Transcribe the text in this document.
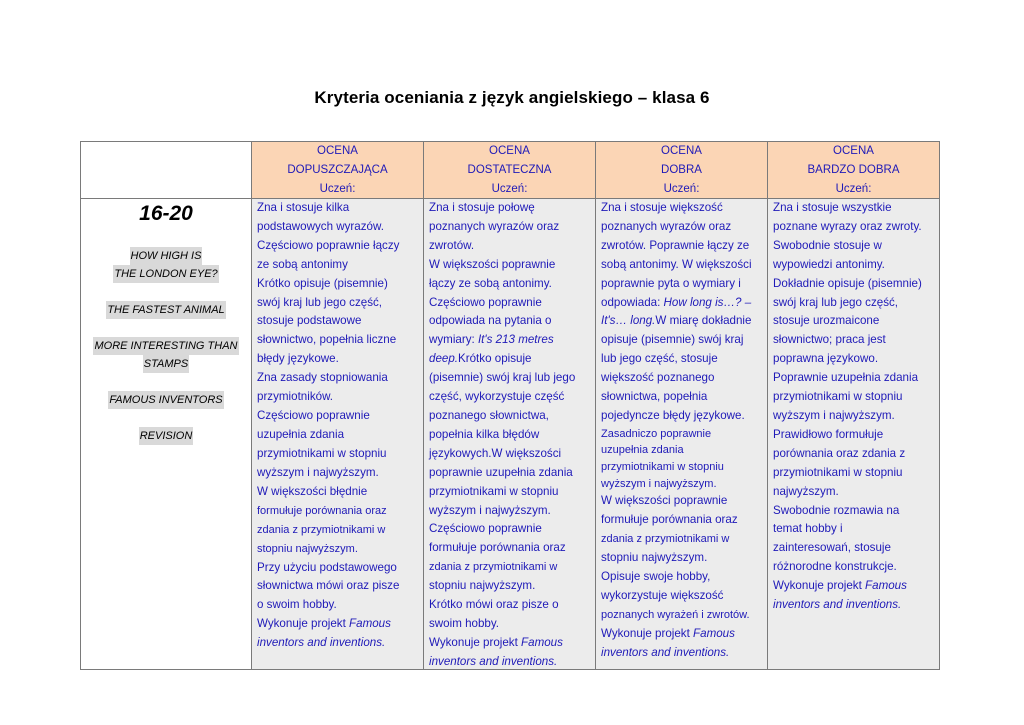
Kryteria oceniania z język angielskiego – klasa 6
OCENA
DOPUSZCZAJĄCA
Uczeń:
OCENA
DOSTATECZNA
Uczeń:
OCENA
DOBRA
Uczeń:
OCENA
BARDZO DOBRA
Uczeń:
16-20
HOW HIGH IS
THE LONDON EYE?
THE FASTEST ANIMAL
MORE INTERESTING THAN
STAMPS
FAMOUS INVENTORS
REVISION

Zna i stosuje kilka

podstawowych wyrazów.

Częściowo poprawnie łączy

ze sobą antonimy

Krótko opisuje (pisemnie)

swój kraj lub jego część,

stosuje podstawowe

słownictwo, popełnia liczne

błędy językowe.

Zna zasady stopniowania

przymiotników.

Częściowo poprawnie

uzupełnia zdania

przymiotnikami w stopniu

wyższym i najwyższym.

W większości błędnie

formułuje porównania oraz

zdania z przymiotnikami w

stopniu najwyższym.

Przy użyciu podstawowego

słownictwa mówi oraz pisze

o swoim hobby.

Wykonuje projekt Famous

inventors and inventions.

Zna i stosuje połowę

poznanych wyrazów oraz

zwrotów.

W większości poprawnie

łączy ze sobą antonimy.

Częściowo poprawnie

odpowiada na pytania o

wymiary: It's 213 metres

deep.Krótko opisuje

(pisemnie) swój kraj lub jego

część, wykorzystuje część

poznanego słownictwa,

popełnia kilka błędów

językowych.W większości

poprawnie uzupełnia zdania

przymiotnikami w stopniu

wyższym i najwyższym.

Częściowo poprawnie

formułuje porównania oraz

zdania z przymiotnikami w

stopniu najwyższym.

Krótko mówi oraz pisze o

swoim hobby.

Wykonuje projekt Famous

inventors and inventions.

Zna i stosuje większość

poznanych wyrazów oraz

zwrotów. Poprawnie łączy ze

sobą antonimy. W większości

poprawnie pyta o wymiary i

odpowiada: How long is…? –

It's… long.W miarę dokładnie

opisuje (pisemnie) swój kraj

lub jego część, stosuje

większość poznanego

słownictwa, popełnia

pojedyncze błędy językowe.

Zasadniczo poprawnie

uzupełnia zdania

przymiotnikami w stopniu

wyższym i najwyższym.

W większości poprawnie

formułuje porównania oraz

zdania z przymiotnikami w

stopniu najwyższym.

Opisuje swoje hobby,

wykorzystuje większość

poznanych wyrażeń i zwrotów.

Wykonuje projekt Famous

inventors and inventions.

Zna i stosuje wszystkie

poznane wyrazy oraz zwroty.

Swobodnie stosuje w

wypowiedzi antonimy.

Dokładnie opisuje (pisemnie)

swój kraj lub jego część,

stosuje urozmaicone

słownictwo; praca jest

poprawna językowo.

Poprawnie uzupełnia zdania

przymiotnikami w stopniu

wyższym i najwyższym.

Prawidłowo formułuje

porównania oraz zdania z

przymiotnikami w stopniu

najwyższym.

Swobodnie rozmawia na

temat hobby i

zainteresowań, stosuje

różnorodne konstrukcje.

Wykonuje projekt Famous

inventors and inventions.
